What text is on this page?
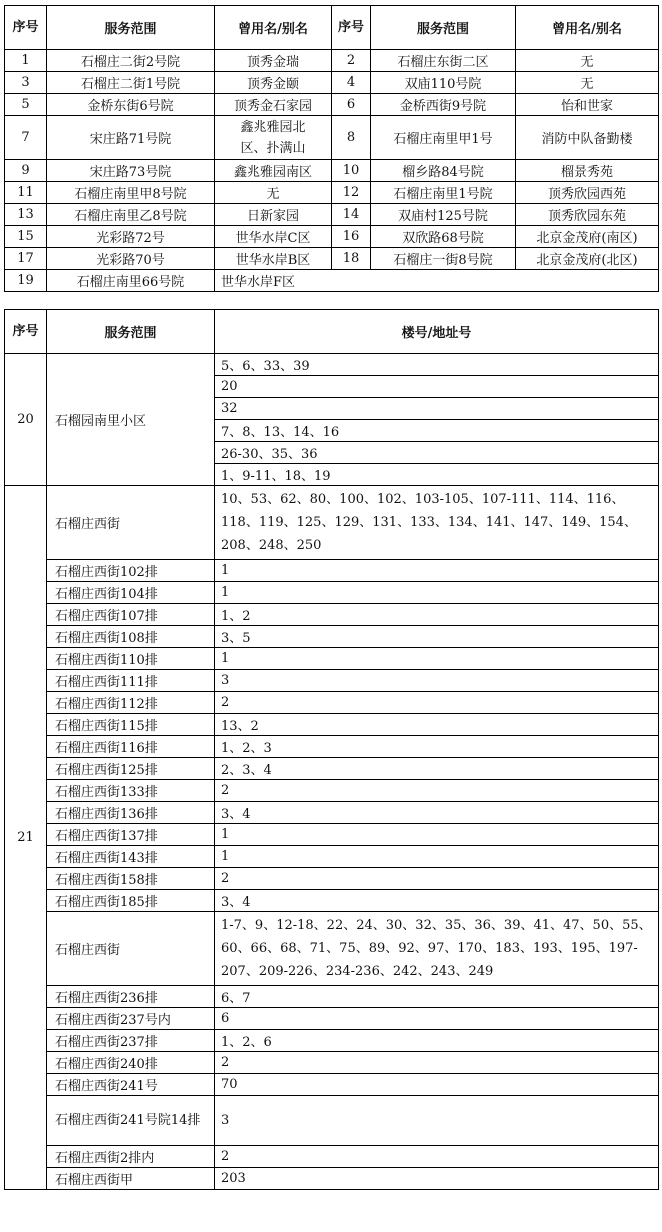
序号	服务范围	曾用名/别名	序号	服务范围	曾用名/别名
1	石榴庄二街2号院	顶秀金瑞	2	石榴庄东街二区	无
3	石榴庄二街1号院	顶秀金颐	4	双庙110号院	无
5	金桥东街6号院	顶秀金石家园	6	金桥西街9号院	怡和世家
7	宋庄路71号院	鑫兆雅园北区、扑满山	8	石榴庄南里甲1号	消防中队备勤楼
9	宋庄路73号院	鑫兆雅园南区	10	榴乡路84号院	榴景秀苑
11	石榴庄南里甲8号院	无	12	石榴庄南里1号院	顶秀欣园西苑
13	石榴庄南里乙8号院	日新家园	14	双庙村125号院	顶秀欣园东苑
15	光彩路72号	世华水岸C区	16	双欣路68号院	北京金茂府(南区)
17	光彩路70号	世华水岸B区	18	石榴庄一街8号院	北京金茂府(北区)
19	石榴庄南里66号院	世华水岸F区			
序号	服务范围	楼号/地址号
20	石榴园南里小区	5、6、33、39
		20
		32
		7、8、13、14、16
		26-30、35、36
		1、9-11、18、19
21	石榴庄西街	10、53、62、80、100、102、103-105、107-111、114、116、118、119、125、129、131、133、134、141、147、149、154、208、248、250
	石榴庄西街102排	1
	石榴庄西街104排	1
	石榴庄西街107排	1、2
	石榴庄西街108排	3、5
	石榴庄西街110排	1
	石榴庄西街111排	3
	石榴庄西街112排	2
	石榴庄西街115排	13、2
	石榴庄西街116排	1、2、3
	石榴庄西街125排	2、3、4
	石榴庄西街133排	2
	石榴庄西街136排	3、4
	石榴庄西街137排	1
	石榴庄西街143排	1
	石榴庄西街158排	2
	石榴庄西街185排	3、4
	石榴庄西街	1-7、9、12-18、22、24、30、32、35、36、39、41、47、50、55、60、66、68、71、75、89、92、97、170、183、193、195、197-207、209-226、234-236、242、243、249
	石榴庄西街236排	6、7
	石榴庄西街237号内	6
	石榴庄西街237排	1、2、6
	石榴庄西街240排	2
	石榴庄西街241号	70
	石榴庄西街241号院14排	3
	石榴庄西街2排内	2
	石榴庄西街甲	203
